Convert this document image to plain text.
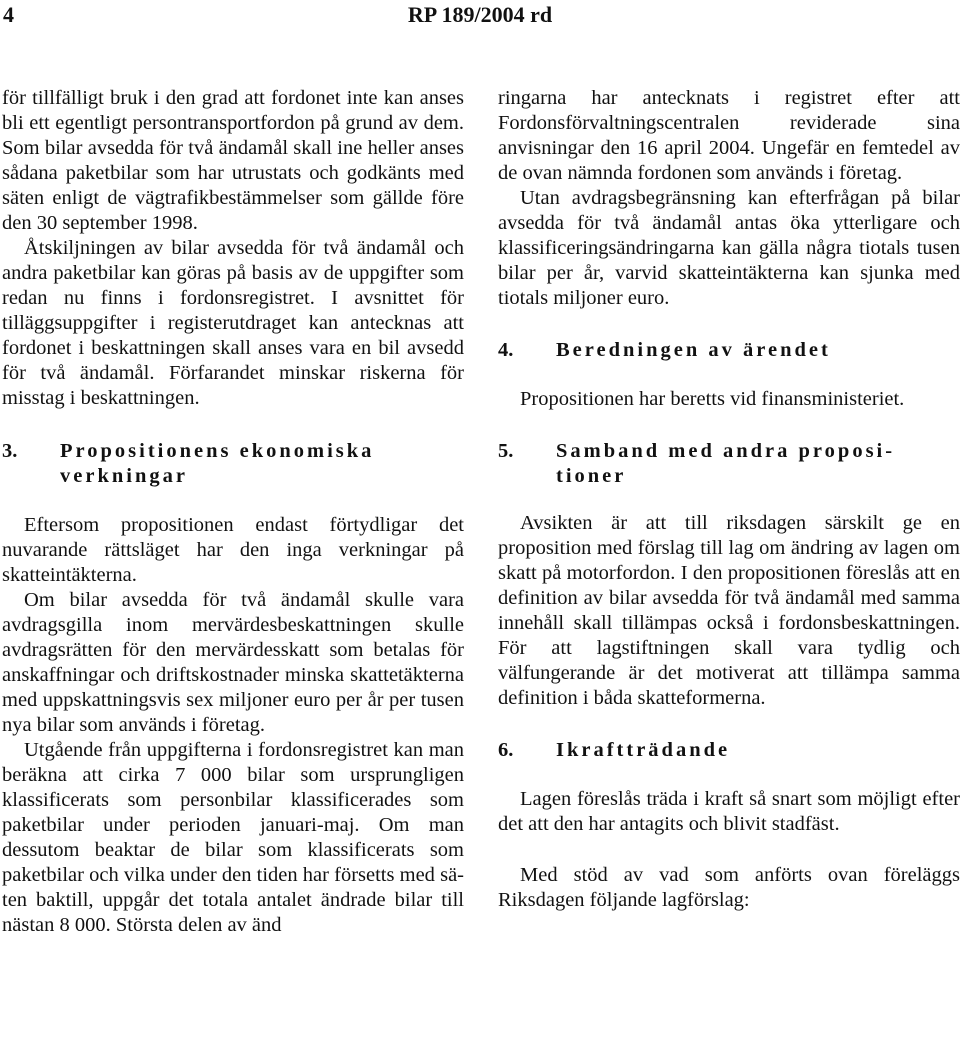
4	RP 189/2004 rd

för tillfälligt bruk i den grad att fordonet inte kan anses bli ett egentligt persontransportfordon på grund av dem. Som bilar avsedda för två ändamål skall ine heller anses sådana paketbilar som har utrustats och godkänts med säten enligt de vägtrafikbestämmelser som gällde före den 30 september 1998.

Åtskiljningen av bilar avsedda för två ändamål och andra paketbilar kan göras på basis av de uppgifter som redan nu finns i fordonsregistret. I avsnittet för tilläggsuppgifter i registerutdraget kan antecknas att fordonet i beskattningen skall anses vara en bil avsedd för två ändamål. Förfarandet minskar riskerna för misstag i beskattningen.

3. Propositionens ekonomiska
verkningar

Eftersom propositionen endast förtydligar det nuvarande rättsläget har den inga verkningar på skatteintäkterna.

Om bilar avsedda för två ändamål skulle vara avdragsgilla inom mervärdesbeskattningen skulle avdragsrätten för den mervärdesskatt som betalas för anskaffningar och driftskostnader minska skattetäkterna med uppskattningsvis sex miljoner euro per år per tusen nya bilar som används i företag.

Utgående från uppgifterna i fordonsregistret kan man beräkna att cirka 7 000 bilar som ursprungligen klassificerats som personbilar klassificerades som paketbilar under perioden januari-maj. Om man dessutom beaktar de bilar som klassificerats som paketbilar och vilka under den tiden har försetts med säten baktill, uppgår det totala antalet ändrade bilar till nästan 8 000. Största delen av änd

ringarna har antecknats i registret efter att Fordonsförvaltningscentralen reviderade sina anvisningar den 16 april 2004. Ungefär en femtedel av de ovan nämnda fordonen som används i företag.

Utan avdragsbegränsning kan efterfrågan på bilar avsedda för två ändamål antas öka ytterligare och klassificeringsändringarna kan gälla några tiotals tusen bilar per år, varvid skatteintäkterna kan sjunka med tiotals miljoner euro.

4. Beredningen av ärendet

Propositionen har beretts vid finansministeriet.

5. Samband med andra proposi-
tioner

Avsikten är att till riksdagen särskilt ge en proposition med förslag till lag om ändring av lagen om skatt på motorfordon. I den propositionen föreslås att en definition av bilar avsedda för två ändamål med samma innehåll skall tillämpas också i fordonsbeskattningen. För att lagstiftningen skall vara tydlig och välfungerande är det motiverat att tillämpa samma definition i båda skatteformerna.

6. Ikraftträdande

Lagen föreslås träda i kraft så snart som möjligt efter det att den har antagits och blivit stadfäst.

Med stöd av vad som anförts ovan föreläggs Riksdagen följande lagförslag:
